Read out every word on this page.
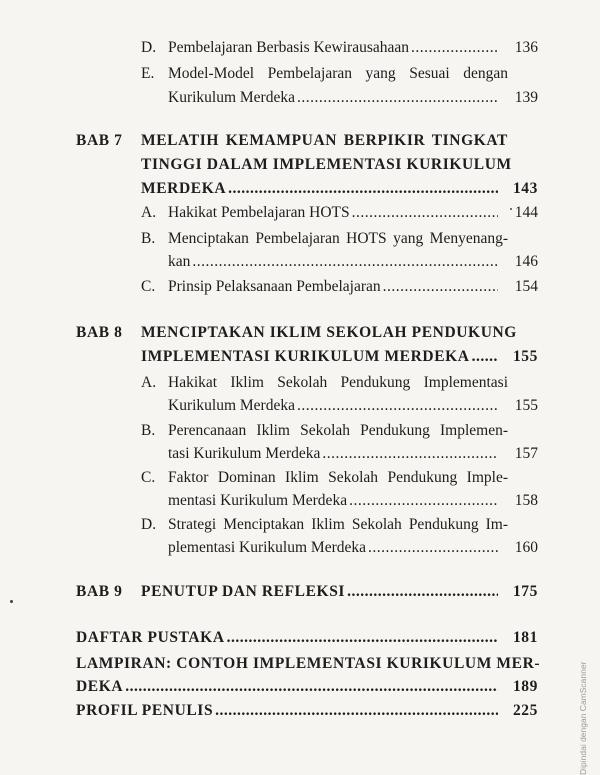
D. Pembelajaran Berbasis Kewirausahaan .....	136
E. Model-Model Pembelajaran yang Sesuai dengan
Kurikulum Merdeka .....	139
BAB 7 MELATIH KEMAMPUAN BERPIKIR TINGKAT
TINGGI DALAM IMPLEMENTASI KURIKULUM
MERDEKA .....	143
A. Hakikat Pembelajaran HOTS .....	144
B. Menciptakan Pembelajaran HOTS yang Menyenang-
kan .....	146
C. Prinsip Pelaksanaan Pembelajaran .....	154
BAB 8 MENCIPTAKAN IKLIM SEKOLAH PENDUKUNG
IMPLEMENTASI KURIKULUM MERDEKA .....	155
A. Hakikat Iklim Sekolah Pendukung Implementasi
Kurikulum Merdeka .....	155
B. Perencanaan Iklim Sekolah Pendukung Implemen-
tasi Kurikulum Merdeka .....	157
C. Faktor Dominan Iklim Sekolah Pendukung Imple-
mentasi Kurikulum Merdeka .....	158
D. Strategi Menciptakan Iklim Sekolah Pendukung Im-
plementasi Kurikulum Merdeka .....	160
BAB 9 PENUTUP DAN REFLEKSI .....	175
DAFTAR PUSTAKA .....	181
LAMPIRAN: CONTOH IMPLEMENTASI KURIKULUM MER-
DEKA .....	189
PROFIL PENULIS .....	225	Dipindai dengan CamScanner
